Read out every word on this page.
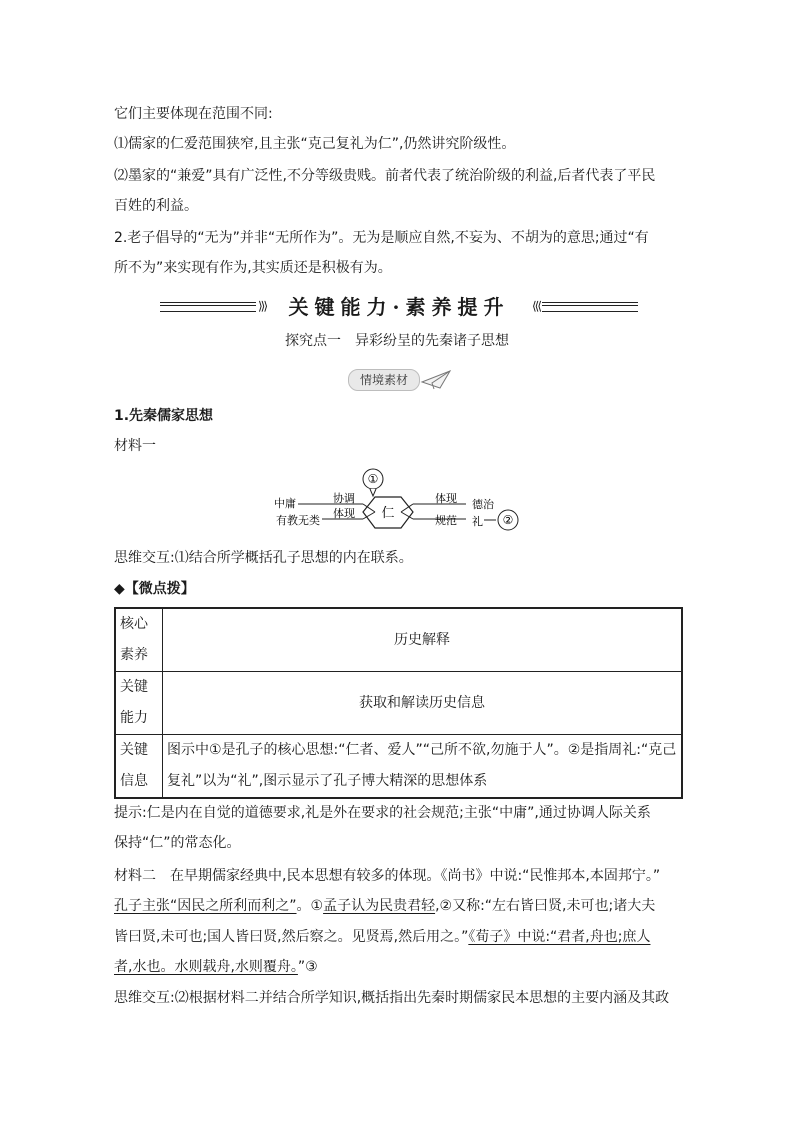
它们主要体现在范围不同:
⑴儒家的仁爱范围狭窄,且主张“克己复礼为仁”,仍然讲究阶级性。
⑵墨家的“兼爱”具有广泛性,不分等级贵贱。前者代表了统治阶级的利益,后者代表了平民
百姓的利益。
2.老子倡导的“无为”并非“无所作为”。无为是顺应自然,不妄为、不胡为的意思;通过“有
所不为”来实现有作为,其实质还是积极有为。
⟩⟩⟩	关键能力·素养提升	⟨⟨⟨
探究点一　异彩纷呈的先秦诸子思想
情境素材
1.先秦儒家思想
材料一
①
仁
中庸	协调
有教无类
体现
体现 德治
规范 礼 ②
思维交互:⑴结合所学概括孔子思想的内在联系。
◆【微点拨】
核心素养	历史解释
关键能力	获取和解读历史信息
关键信息	图示中①是孔子的核心思想:“仁者、爱人”“己所不欲,勿施于人”。②是指周礼:“克己复礼”以为“礼”,图示显示了孔子博大精深的思想体系
提示:仁是内在自觉的道德要求,礼是外在要求的社会规范;主张“中庸”,通过协调人际关系
保持“仁”的常态化。
材料二　在早期儒家经典中,民本思想有较多的体现。《尚书》中说:“民惟邦本,本固邦宁。”
孔子主张“因民之所利而利之”。①孟子认为民贵君轻,②又称:“左右皆曰贤,未可也;诸大夫
皆曰贤,未可也;国人皆曰贤,然后察之。见贤焉,然后用之。”《荀子》中说:“君者,舟也;庶人
者,水也。水则载舟,水则覆舟。”③
思维交互:⑵根据材料二并结合所学知识,概括指出先秦时期儒家民本思想的主要内涵及其政
